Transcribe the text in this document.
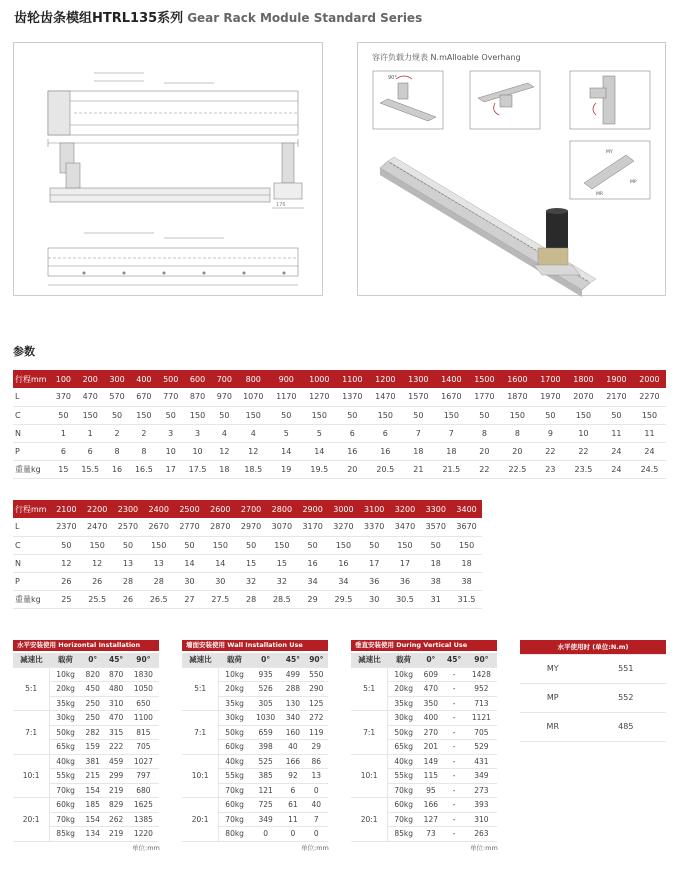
齿轮齿条模组HTRL135系列 Gear Rack Module Standard Series
176
容许负载力规表 N.mAlloable Overhang
90°
MY
MP
MR
参数
行程mm	100	200	300	400	500	600	700	800	900	1000	1100	1200	1300	1400	1500	1600	1700	1800	1900	2000
L	370	470	570	670	770	870	970	1070	1170	1270	1370	1470	1570	1670	1770	1870	1970	2070	2170	2270
C	50	150	50	150	50	150	50	150	50	150	50	150	50	150	50	150	50	150	50	150
N	1	1	2	2	3	3	4	4	5	5	6	6	7	7	8	8	9	10	11	11
P	6	6	8	8	10	10	12	12	14	14	16	16	18	18	20	20	22	22	24	24
重量kg	15	15.5	16	16.5	17	17.5	18	18.5	19	19.5	20	20.5	21	21.5	22	22.5	23	23.5	24	24.5
行程mm	2100	2200	2300	2400	2500	2600	2700	2800	2900	3000	3100	3200	3300	3400
L	2370	2470	2570	2670	2770	2870	2970	3070	3170	3270	3370	3470	3570	3670
C	50	150	50	150	50	150	50	150	50	150	50	150	50	150
N	12	12	13	13	14	14	15	15	16	16	17	17	18	18
P	26	26	28	28	30	30	32	32	34	34	36	36	38	38
重量kg	25	25.5	26	26.5	27	27.5	28	28.5	29	29.5	30	30.5	31	31.5
水平安装使用 Horizontal Installation
减速比	载荷	0°	45°	90°
5:1	10kg	820	870	1830
	20kg	450	480	1050
	35kg	250	310	650
7:1	30kg	250	470	1100
	50kg	282	315	815
	65kg	159	222	705
10:1	40kg	381	459	1027
	55kg	215	299	797
	70kg	154	219	680
20:1	60kg	185	829	1625
	70kg	154	262	1385
	85kg	134	219	1220
单位:mm
墙面安装使用 Wall Installation Use
减速比	载荷	0°	45°	90°
5:1	10kg	935	499	550
	20kg	526	288	290
	35kg	305	130	125
7:1	30kg	1030	340	272
	50kg	659	160	119
	60kg	398	40	29
10:1	40kg	525	166	86
	55kg	385	92	13
	70kg	121	6	0
20:1	60kg	725	61	40
	70kg	349	11	7
	80kg	0	0	0
单位:mm
垂直安装使用 During Vertical Use
减速比	载荷	0°	45°	90°
5:1	10kg	609	-	1428
	20kg	470	-	952
	35kg	350	-	713
7:1	30kg	400	-	1121
	50kg	270	-	705
	65kg	201	-	529
10:1	40kg	149	-	431
	55kg	115	-	349
	70kg	95	-	273
20:1	60kg	166	-	393
	70kg	127	-	310
	85kg	73	-	263
单位:mm
水平使用时 (单位:N.m)	
MY	551
MP	552
MR	485
